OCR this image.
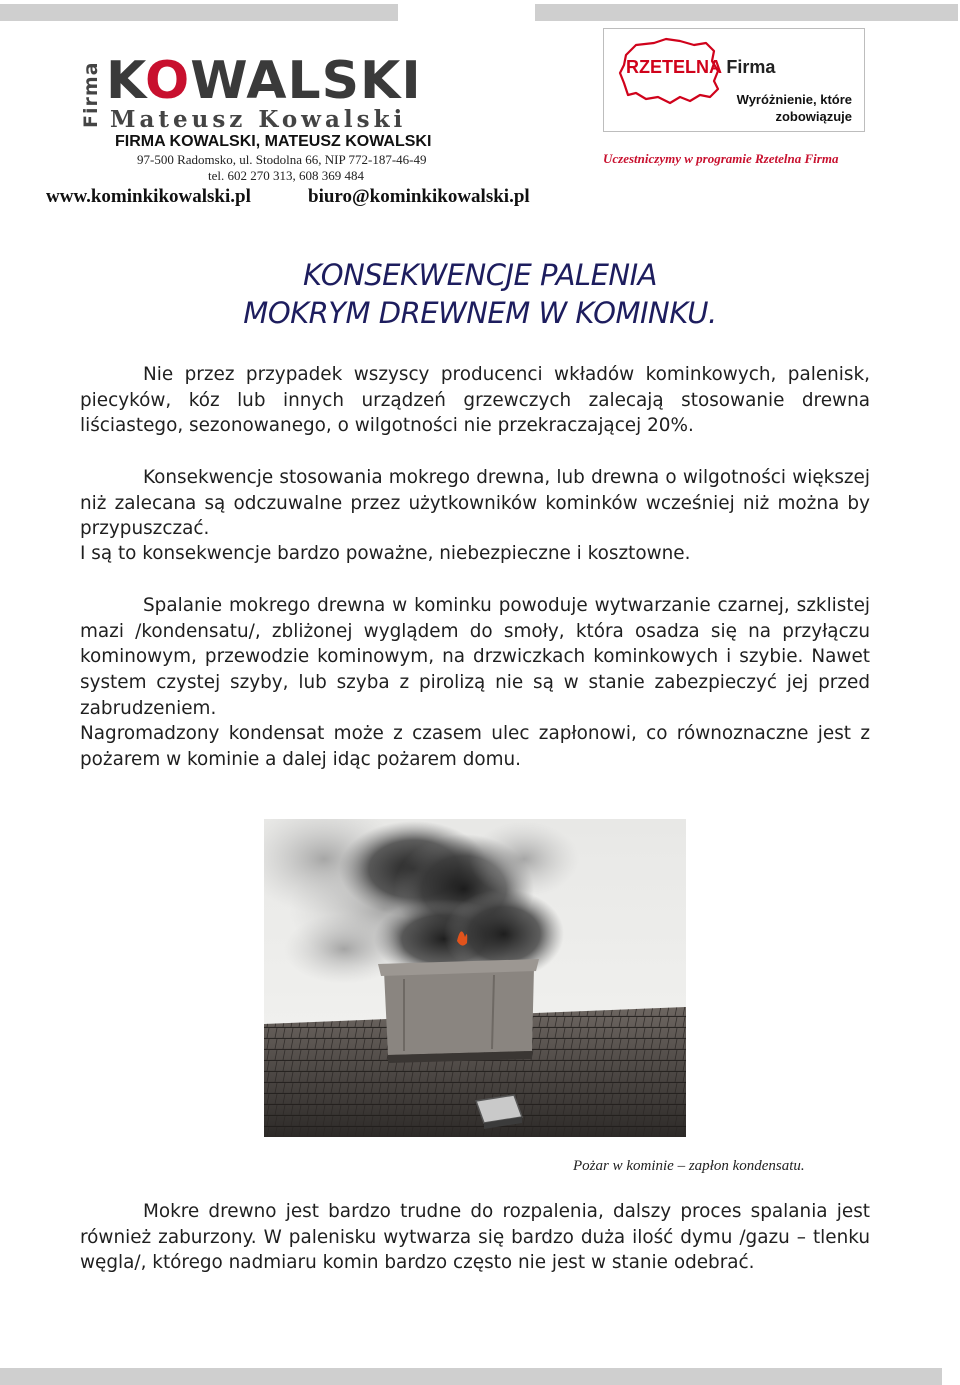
Firma KOWALSKI
Mateusz Kowalski
FIRMA KOWALSKI, MATEUSZ KOWALSKI
97-500 Radomsko, ul. Stodolna 66, NIP 772-187-46-49
tel. 602 270 313, 608 369 484
www.kominkikowalski.pl	biuro@kominkikowalski.pl
RZETELNA Firma
Wyróżnienie, które
zobowiązuje
Uczestniczymy w programie Rzetelna Firma
KONSEKWENCJE PALENIA
MOKRYM DREWNEM W KOMINKU.

Nie przez przypadek wszyscy producenci wkładów kominkowych, palenisk, piecyków, kóz lub innych urządzeń grzewczych zalecają stosowanie drewna liściastego, sezonowanego, o wilgotności nie przekraczającej 20%.

Konsekwencje stosowania mokrego drewna, lub drewna o wilgotności większej niż zalecana są odczuwalne przez użytkowników kominków wcześniej niż można by przypuszczać.

I są to konsekwencje bardzo poważne, niebezpieczne i kosztowne.

Spalanie mokrego drewna w kominku powoduje wytwarzanie czarnej, szklistej mazi /kondensatu/, zbliżonej wyglądem do smoły, która osadza się na przyłączu kominowym, przewodzie kominowym, na drzwiczkach kominkowych i szybie. Nawet system czystej szyby, lub szyba z pirolizą nie są w stanie zabezpieczyć jej przed zabrudzeniem.

Nagromadzony kondensat może z czasem ulec zapłonowi, co równoznaczne jest z pożarem w kominie a dalej idąc pożarem domu.

Pożar w kominie – zapłon kondensatu.

Mokre drewno jest bardzo trudne do rozpalenia, dalszy proces spalania jest również zaburzony. W palenisku wytwarza się bardzo duża ilość dymu /gazu – tlenku węgla/, którego nadmiaru komin bardzo często nie jest w stanie odebrać.
